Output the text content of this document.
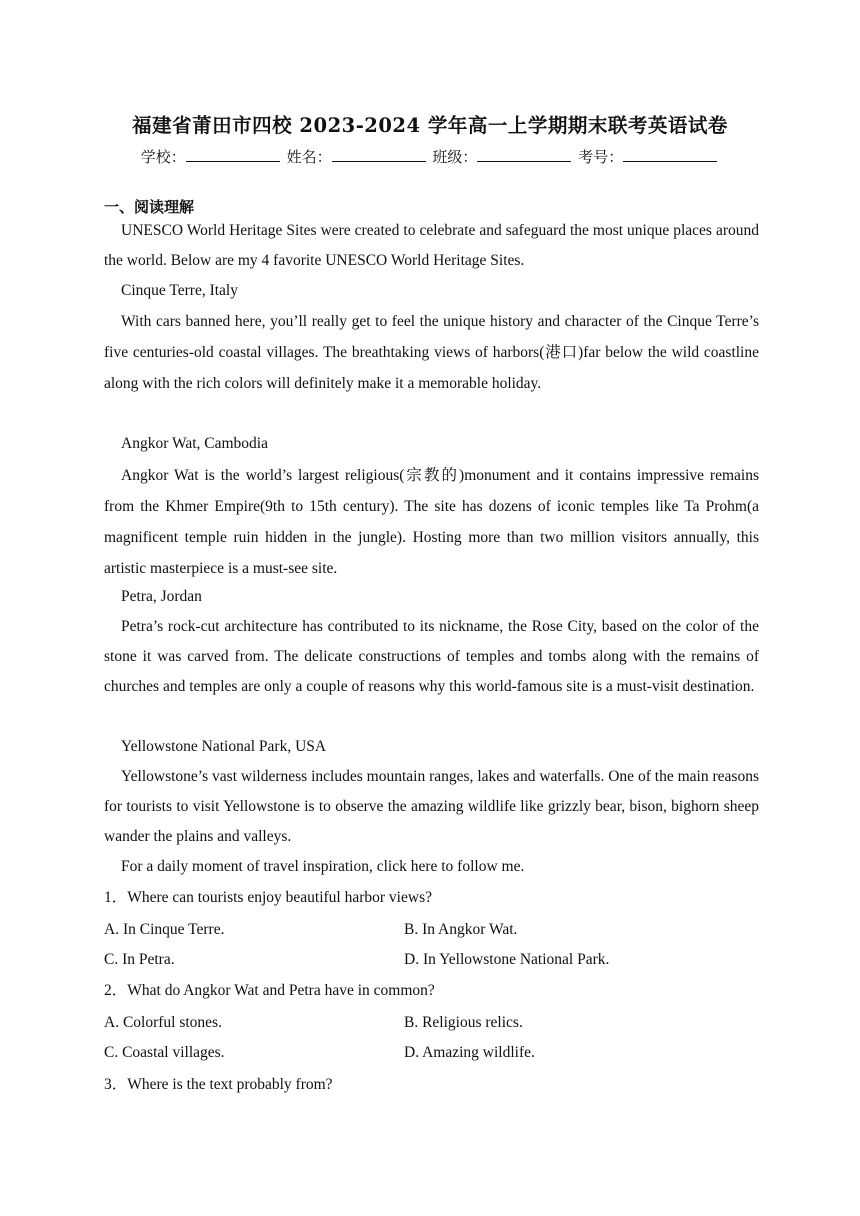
福建省莆田市四校 2023-2024 学年高一上学期期末联考英语试卷
学校：	姓名：	班级：	考号：
一、阅读理解

UNESCO World Heritage Sites were created to celebrate and safeguard the most unique places around the world. Below are my 4 favorite UNESCO World Heritage Sites.

Cinque Terre, Italy

With cars banned here, you’ll really get to feel the unique history and character of the Cinque Terre’s five centuries-old coastal villages. The breathtaking views of harbors(港口)far below the wild coastline along with the rich colors will definitely make it a memorable holiday.

Angkor Wat, Cambodia

Angkor Wat is the world’s largest religious(宗教的)monument and it contains impressive remains from the Khmer Empire(9th to 15th century). The site has dozens of iconic temples like Ta Prohm(a magnificent temple ruin hidden in the jungle). Hosting more than two million visitors annually, this artistic masterpiece is a must-see site.

Petra, Jordan

Petra’s rock-cut architecture has contributed to its nickname, the Rose City, based on the color of the stone it was carved from. The delicate constructions of temples and tombs along with the remains of churches and temples are only a couple of reasons why this world-famous site is a must-visit destination.

Yellowstone National Park, USA

Yellowstone’s vast wilderness includes mountain ranges, lakes and waterfalls. One of the main reasons for tourists to visit Yellowstone is to observe the amazing wildlife like grizzly bear, bison, bighorn sheep wander the plains and valleys.

For a daily moment of travel inspiration, click here to follow me.

1．Where can tourists enjoy beautiful harbor views?

A. In Cinque Terre.	B. In Angkor Wat.
C. In Petra.	D. In Yellowstone National Park.

2．What do Angkor Wat and Petra have in common?

A. Colorful stones.	B. Religious relics.
C. Coastal villages.	D. Amazing wildlife.

3．Where is the text probably from?
